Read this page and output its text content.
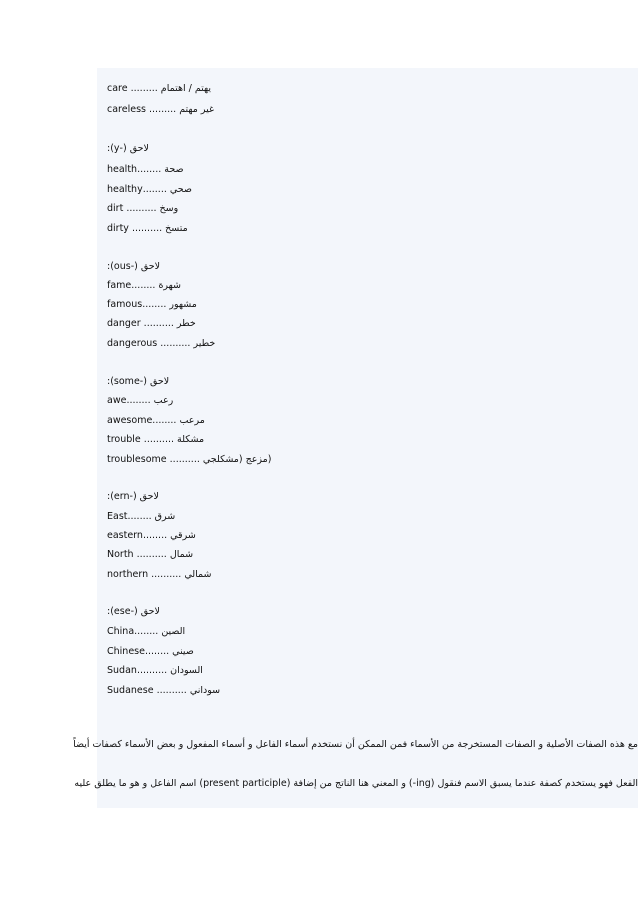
يهتم / اهتمام ......... care
غير مهتم ......... careless
لاحق (-y):
صحة ........health
صحي ........healthy
وسخ .......... dirt
متسخ .......... dirty
لاحق (-ous):
شهرة ........fame
مشهور ........famous
خطر .......... danger
خطير .......... dangerous
لاحق (-some):
رعب ........awe
مرعب ........awesome
مشكلة .......... trouble
(مزعج (مشكلجي .......... troublesome
لاحق (-ern):
شرق ........East
شرقي ........eastern
شمال .......... North
شمالي .......... northern
لاحق (-ese):
الصين ........China
صيني ........Chinese
السودان ..........Sudan
سوداني .......... Sudanese
مع هذه الصفات الأصلية و الصفات المستخرجة من الأسماء فمن الممكن أن نستخدم أسماء الفاعل و أسماء المفعول و بعض الأسماء كصفات أيضاً
الفعل فهو يستخدم كصفة عندما يسبق الاسم فنقول (ing-) و المعني هنا الناتج من إضافة (present participle) اسم الفاعل و هو ما يطلق عليه
